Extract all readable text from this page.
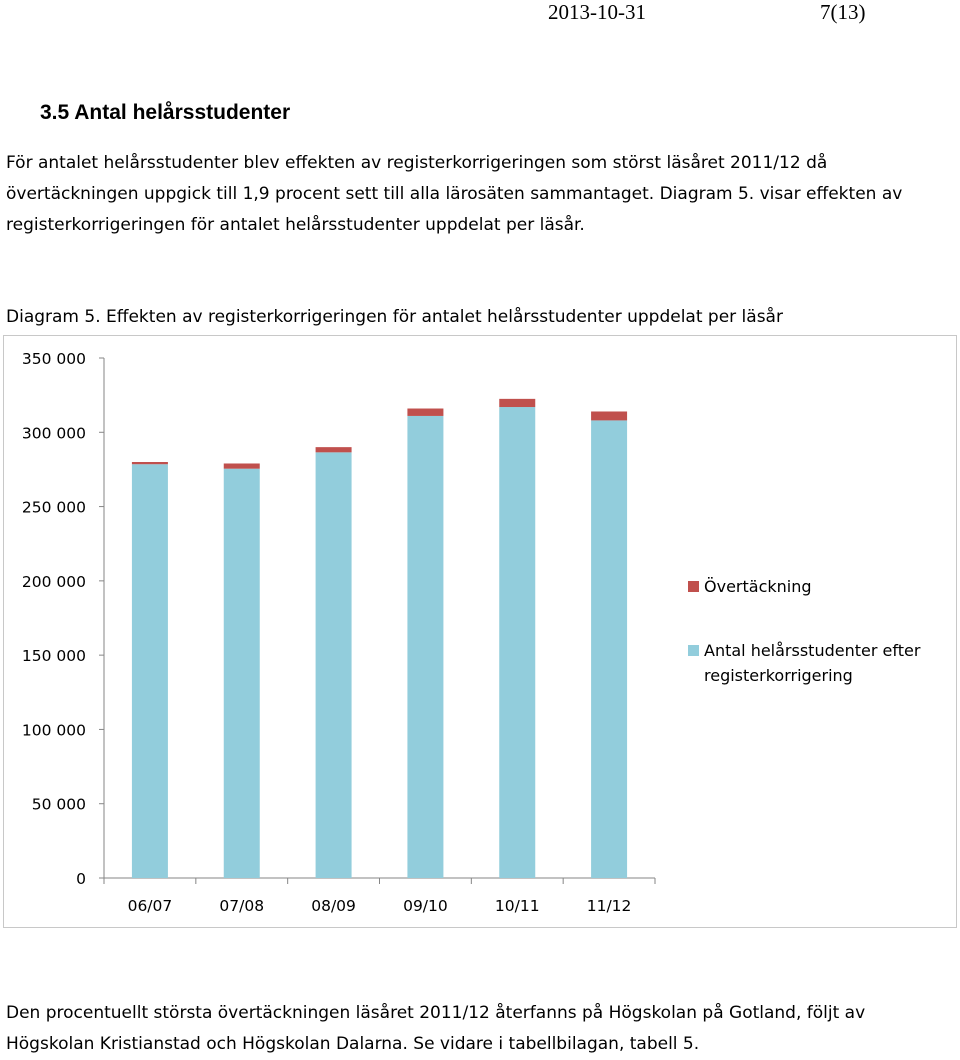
2013-10-31	7(13)
3.5 Antal helårsstudenter
För antalet helårsstudenter blev effekten av registerkorrigeringen som störst läsåret 2011/12 då övertäckningen uppgick till 1,9 procent sett till alla lärosäten sammantaget. Diagram 5. visar effekten av registerkorrigeringen för antalet helårsstudenter uppdelat per läsår.
Diagram 5. Effekten av registerkorrigeringen för antalet helårsstudenter uppdelat per läsår
350 000
300 000
250 000
200 000
150 000
100 000
50 000
0
06/07	07/08	08/09	09/10	10/11	11/12
Övertäckning
Antal helårsstudenter efter registerkorrigering
Den procentuellt största övertäckningen läsåret 2011/12 återfanns på Högskolan på Gotland, följt av Högskolan Kristianstad och Högskolan Dalarna. Se vidare i tabellbilagan, tabell 5.
